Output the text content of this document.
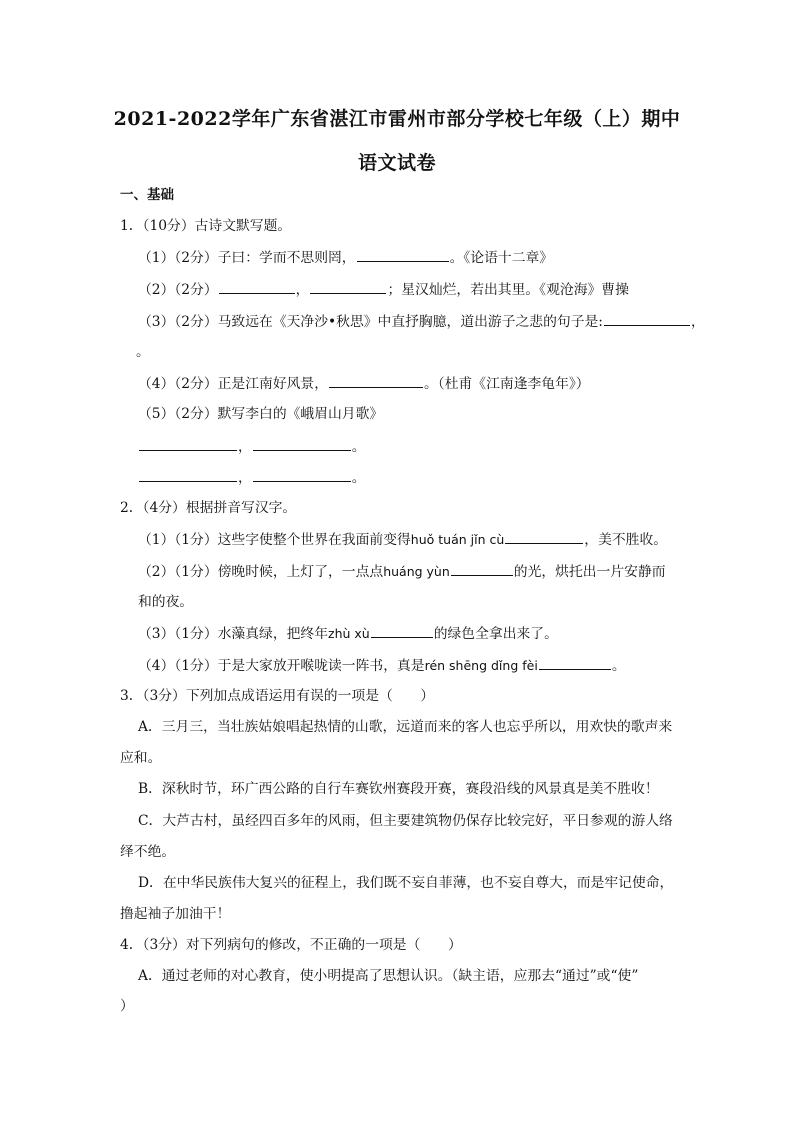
2021-2022学年广东省湛江市雷州市部分学校七年级（上）期中
语文试卷
一、基础
1．（10分）古诗文默写题。
（1）（2分）子曰：学而不思则罔，	。《论语十二章》
（2）（2分）	，	；星汉灿烂，若出其里。《观沧海》曹操
（3）（2分）马致远在《天净沙•秋思》中直抒胸臆，道出游子之悲的句子是:	，
。
（4）（2分）正是江南好风景，	。（杜甫《江南逢李龟年》）
（5）（2分）默写李白的《峨眉山月歌》
，	。
，	。
2．（4分）根据拼音写汉字。
（1）（1分）这些字使整个世界在我面前变得huǒ tuán jǐn cù	，美不胜收。
（2）（1分）傍晚时候，上灯了，一点点huáng yùn	的光，烘托出一片安静而
和的夜。
（3）（1分）水藻真绿，把终年zhù xù	的绿色全拿出来了。
（4）（1分）于是大家放开喉咙读一阵书，真是rén shēng dǐng fèi	。
3．（3分）下列加点成语运用有误的一项是（　　）
A．三月三，当壮族姑娘唱起热情的山歌，远道而来的客人也忘乎所以，用欢快的歌声来
应和。
B．深秋时节，环广西公路的自行车赛钦州赛段开赛，赛段沿线的风景真是美不胜收！
C．大芦古村，虽经四百多年的风雨，但主要建筑物仍保存比较完好，平日参观的游人络
绎不绝。
D．在中华民族伟大复兴的征程上，我们既不妄自菲薄，也不妄自尊大，而是牢记使命，
撸起袖子加油干！
4．（3分）对下列病句的修改，不正确的一项是（　　）
A．通过老师的对心教育，使小明提高了思想认识。（缺主语，应那去“通过”或“使”
）
